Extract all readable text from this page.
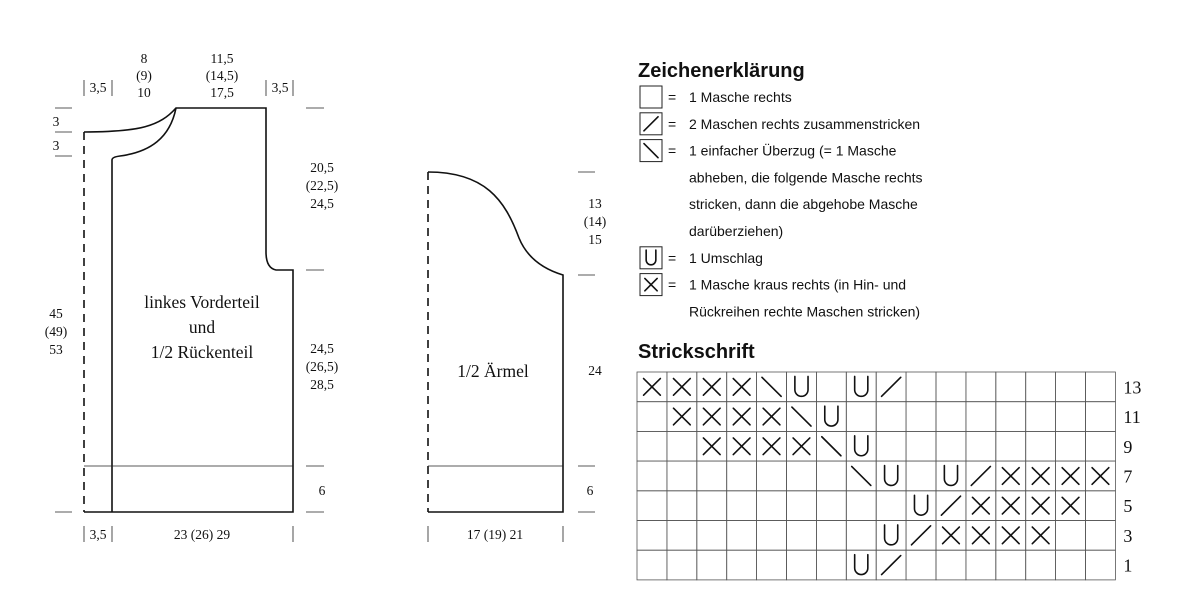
3,5
8
(9)
10
11,5
(14,5)
17,5	3,5
3
3
45
(49)
53
20,5
(22,5)
24,5
24,5
(26,5)
28,5
6
3,5	23 (26) 29
linkes Vorderteil
und
1/2 Rückenteil
13
(14)
15
24
6
17 (19) 21
1/2 Ärmel
Zeichenerklärung
= 1 Masche rechts
= 2 Maschen rechts zusammenstricken
= 1 einfacher Überzug (= 1 Masche
abheben, die folgende Masche rechts
stricken, dann die abgehobe Masche
darüberziehen)
= 1 Umschlag
= 1 Masche kraus rechts (in Hin- und
Rückreihen rechte Maschen stricken)
Strickschrift
13
11
9
7
5
3
1
